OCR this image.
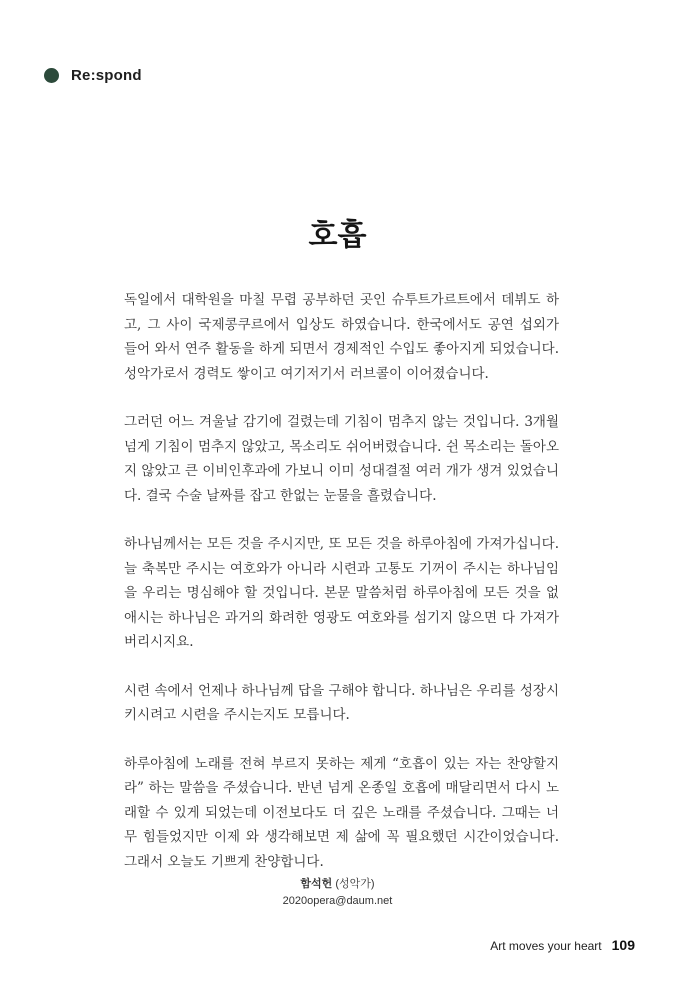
Re:spond
호흡

독일에서 대학원을 마칠 무렵 공부하던 곳인 슈투트가르트에서 데뷔도 하고, 그 사이 국제콩쿠르에서 입상도 하였습니다. 한국에서도 공연 섭외가 들어 와서 연주 활동을 하게 되면서 경제적인 수입도 좋아지게 되었습니다. 성악가로서 경력도 쌓이고 여기저기서 러브콜이 이어졌습니다.

그러던 어느 겨울날 감기에 걸렸는데 기침이 멈추지 않는 것입니다. 3개월 넘게 기침이 멈추지 않았고, 목소리도 쉬어버렸습니다. 쉰 목소리는 돌아오지 않았고 큰 이비인후과에 가보니 이미 성대결절 여러 개가 생겨 있었습니다. 결국 수술 날짜를 잡고 한없는 눈물을 흘렸습니다.

하나님께서는 모든 것을 주시지만, 또 모든 것을 하루아침에 가져가십니다. 늘 축복만 주시는 여호와가 아니라 시련과 고통도 기꺼이 주시는 하나님임을 우리는 명심해야 할 것입니다. 본문 말씀처럼 하루아침에 모든 것을 없애시는 하나님은 과거의 화려한 영광도 여호와를 섬기지 않으면 다 가져가 버리시지요.

시련 속에서 언제나 하나님께 답을 구해야 합니다. 하나님은 우리를 성장시키시려고 시련을 주시는지도 모릅니다.

하루아침에 노래를 전혀 부르지 못하는 제게 “호흡이 있는 자는 찬양할지라” 하는 말씀을 주셨습니다. 반년 넘게 온종일 호흡에 매달리면서 다시 노래할 수 있게 되었는데 이전보다도 더 깊은 노래를 주셨습니다. 그때는 너무 힘들었지만 이제 와 생각해보면 제 삶에 꼭 필요했던 시간이었습니다. 그래서 오늘도 기쁘게 찬양합니다.

함석헌 (성악가)
2020opera@daum.net
Art moves your heart 109
